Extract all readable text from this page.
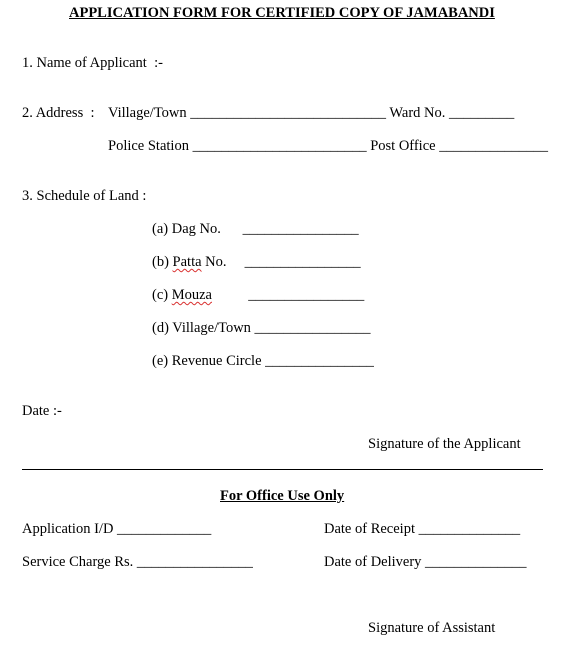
APPLICATION FORM FOR CERTIFIED COPY OF JAMABANDI
1. Name of Applicant  :-
2. Address  : Village/Town ___________________________ Ward No. _________
Police Station ________________________ Post Office _______________
3. Schedule of Land :
(a) Dag No.      ________________
(b) Patta No.     ________________
(c) Mouza          ________________
(d) Village/Town ________________
(e) Revenue Circle _______________
Date :-
Signature of the Applicant
For Office Use Only
Application I/D _____________	Date of Receipt ______________
Service Charge Rs. ________________	Date of Delivery ______________
Signature of Assistant
